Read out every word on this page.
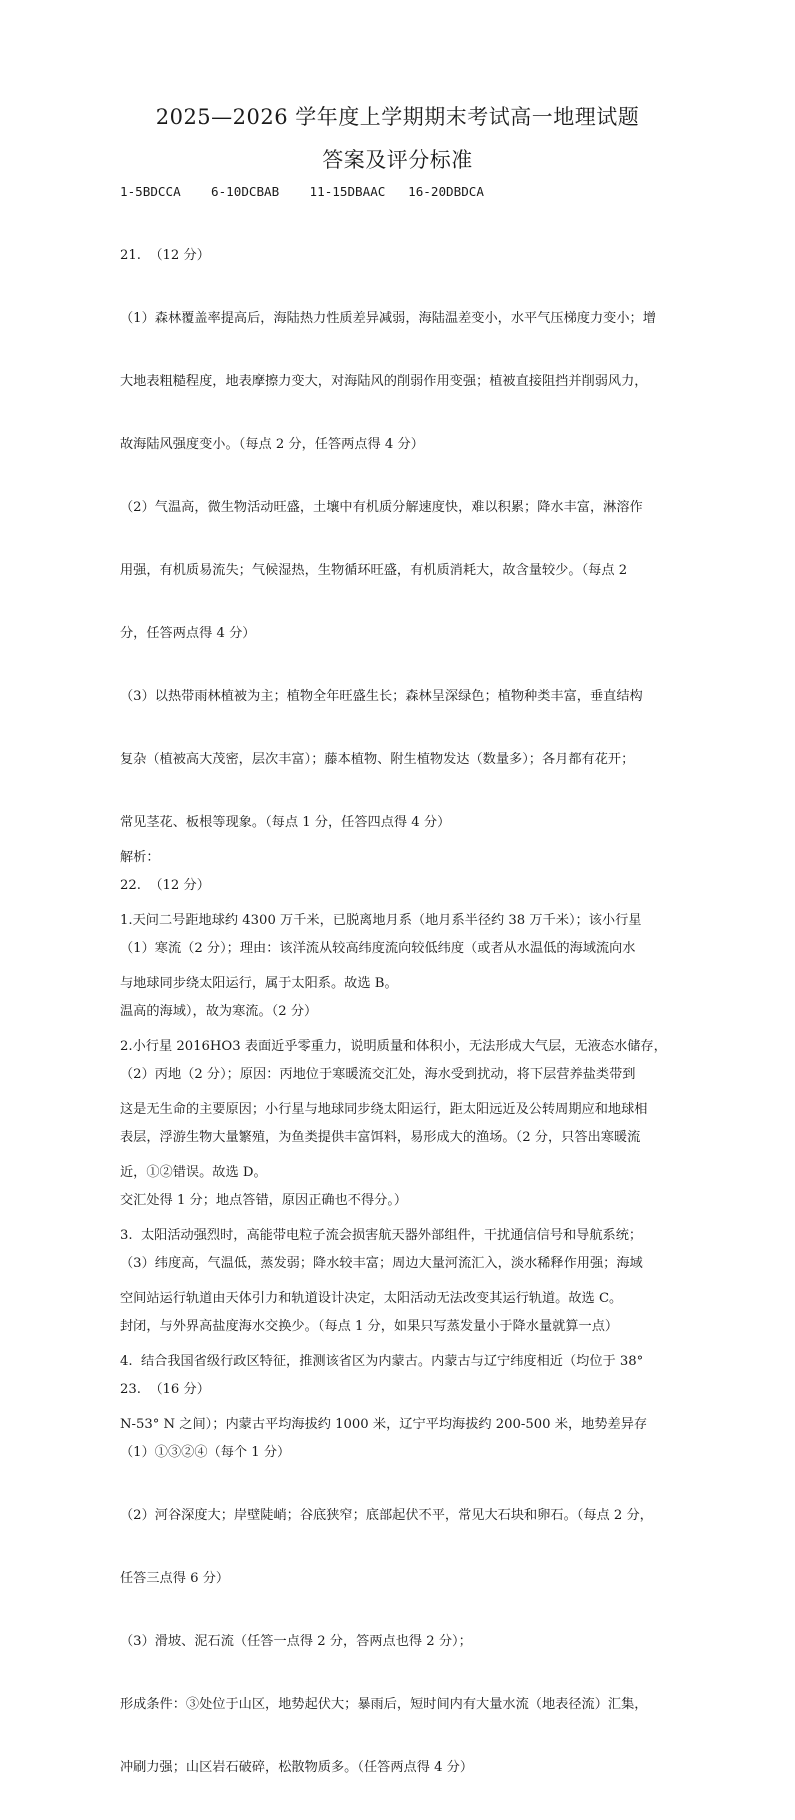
2025—2026 学年度上学期期末考试高一地理试题
答案及评分标准
1-5BDCCA    6-10DCBAB    11-15DBAAC   16-20DBDCA

21.  （12 分）

（1）森林覆盖率提高后，海陆热力性质差异减弱，海陆温差变小，水平气压梯度力变小；增

大地表粗糙程度，地表摩擦力变大，对海陆风的削弱作用变强；植被直接阻挡并削弱风力，

故海陆风强度变小。（每点 2 分，任答两点得 4 分）

（2）气温高，微生物活动旺盛，土壤中有机质分解速度快，难以积累；降水丰富，淋溶作

用强，有机质易流失；气候湿热，生物循环旺盛，有机质消耗大，故含量较少。（每点 2

分，任答两点得 4 分）

（3）以热带雨林植被为主；植物全年旺盛生长；森林呈深绿色；植物种类丰富，垂直结构

复杂（植被高大茂密，层次丰富）；藤本植物、附生植物发达（数量多）；各月都有花开；

常见茎花、板根等现象。（每点 1 分，任答四点得 4 分）

22.  （12 分）

（1）寒流（2 分）；理由：该洋流从较高纬度流向较低纬度（或者从水温低的海域流向水

温高的海域），故为寒流。（2 分）

（2）丙地（2 分）；原因：丙地位于寒暖流交汇处，海水受到扰动，将下层营养盐类带到

表层，浮游生物大量繁殖，为鱼类提供丰富饵料，易形成大的渔场。（2 分，只答出寒暖流

交汇处得 1 分；地点答错，原因正确也不得分。）

（3）纬度高，气温低，蒸发弱；降水较丰富；周边大量河流汇入，淡水稀释作用强；海域

封闭，与外界高盐度海水交换少。（每点 1 分，如果只写蒸发量小于降水量就算一点）

23.  （16 分）

（1）①③②④（每个 1 分）

（2）河谷深度大；岸壁陡峭；谷底狭窄；底部起伏不平，常见大石块和卵石。（每点 2 分，

任答三点得 6 分）

（3）滑坡、泥石流（任答一点得 2 分，答两点也得 2 分）；

形成条件：③处位于山区，地势起伏大；暴雨后，短时间内有大量水流（地表径流）汇集，

冲刷力强；山区岩石破碎，松散物质多。（任答两点得 4 分）

解析：

1.天问二号距地球约 4300 万千米，已脱离地月系（地月系半径约 38 万千米）；该小行星

与地球同步绕太阳运行，属于太阳系。故选 B。

2.小行星 2016HO3 表面近乎零重力，说明质量和体积小，无法形成大气层，无液态水储存，

这是无生命的主要原因；小行星与地球同步绕太阳运行，距太阳远近及公转周期应和地球相

近，①②错误。故选 D。

3.  太阳活动强烈时，高能带电粒子流会损害航天器外部组件，干扰通信信号和导航系统；

空间站运行轨道由天体引力和轨道设计决定，太阳活动无法改变其运行轨道。故选 C。

4.  结合我国省级行政区特征，推测该省区为内蒙古。内蒙古与辽宁纬度相近（均位于 38°

N-53° N 之间）；内蒙古平均海拔约 1000 米，辽宁平均海拔约 200-500 米，地势差异存
